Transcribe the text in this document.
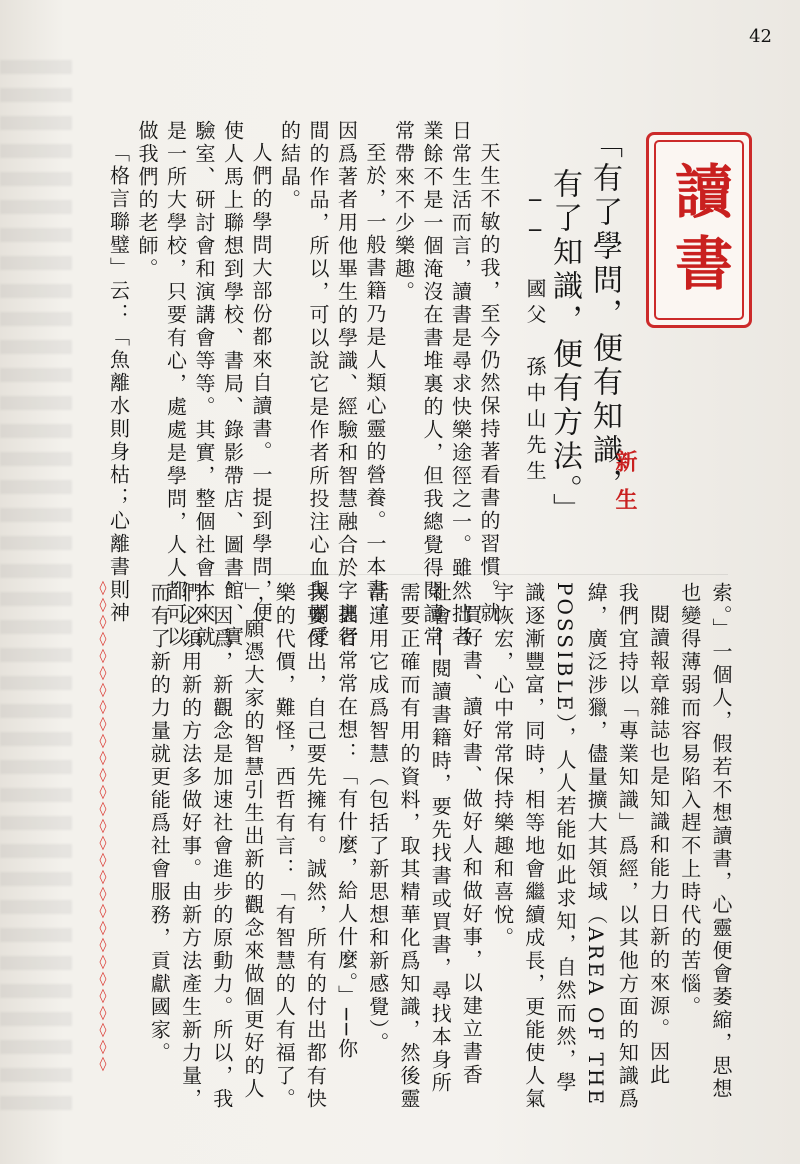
42
讀書
「有了學問，便有知識，
有了知識，便有方法。」
── 國父　孫中山先生
新生
◊◊◊◊◊◊◊◊◊◊◊◊◊◊◊◊◊◊◊◊◊◊◊◊◊◊◊◊◊
天生不敏的我，至今仍然保持著看書的習慣。就
日常生活而言，讀書是尋求快樂途徑之一。雖然拙者
業餘不是一個淹沒在書堆裏的人，但我總覺得閱讀常
常帶來不少樂趣。
至於，一般書籍乃是人類心靈的營養。一本書，
因爲著者用他畢生的學識、經驗和智慧融合於字裏行
間的作品，所以，可以說它是作者所投注心血與關愛
的結晶。
人們的學問大部份都來自讀書。一提到學問，便
使人馬上聯想到學校、書局、錄影帶店、圖書館、實
驗室、研討會和演講會等等。其實，整個社會本來就
是一所大學校，只要有心，處處是學問，人人都可以
做我們的老師。
「格言聯璧」云：「魚離水則身枯；心離書則神
索。」一個人，假若不想讀書，心靈便會萎縮，思想
也變得薄弱而容易陷入趕不上時代的苦惱。
閱讀報章雜誌也是知識和能力日新的來源。因此
我們宜持以「專業知識」爲經，以其他方面的知識爲
緯，廣泛涉獵，儘量擴大其領域（AREA OF THE
POSSIBLE），人人若能如此求知，自然而然，學
識逐漸豐富，同時，相等地會繼續成長，更能使人氣
宇恢宏，心中常常保持樂趣和喜悅。
買好書、讀好書、做好人和做好事，以建立書香
社會──閱讀書籍時，要先找書或買書，尋找本身所
需要正確而有用的資料，取其精華化爲知識，然後靈
活運用它成爲智慧（包括了新思想和新感覺）。
拙者常常在想：「有什麼，給人什麼。」──你
我要付出，自己要先擁有。誠然，所有的付出都有快
樂的代價，難怪，西哲有言：「有智慧的人有福了。
」，願憑大家的智慧引生出新的觀念來做個更好的人
。因爲，新觀念是加速社會進步的原動力。所以，我
們必須用新的方法多做好事。由新方法產生新力量，
而有了新的力量就更能爲社會服務，貢獻國家。
